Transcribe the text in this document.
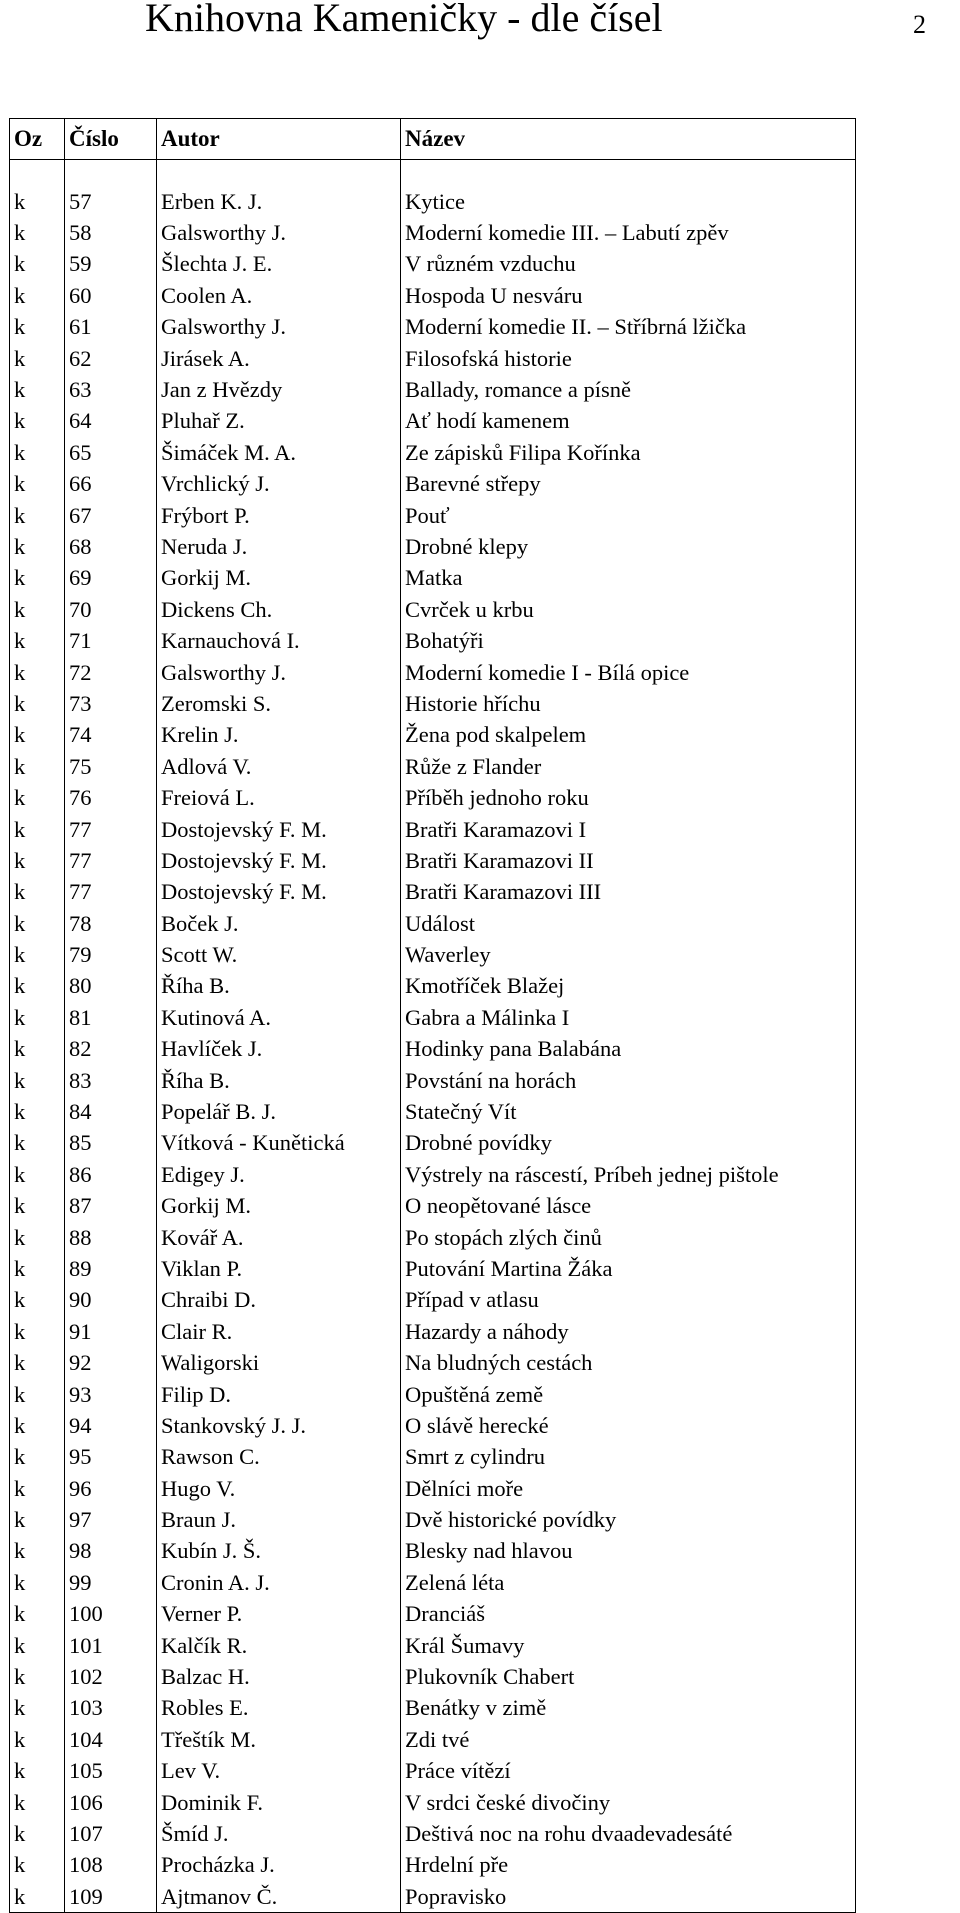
Knihovna Kameničky - dle čísel	2
Oz	Číslo	Autor	Název

k	57	Erben K. J.	Kytice
k	58	Galsworthy J.	Moderní komedie III. – Labutí zpěv
k	59	Šlechta J. E.	V různém vzduchu
k	60	Coolen A.	Hospoda U nesváru
k	61	Galsworthy J.	Moderní komedie II. – Stříbrná lžička
k	62	Jirásek A.	Filosofská historie
k	63	Jan z Hvězdy	Ballady, romance a písně
k	64	Pluhař Z.	Ať hodí kamenem
k	65	Šimáček M. A.	Ze zápisků Filipa Kořínka
k	66	Vrchlický J.	Barevné střepy
k	67	Frýbort P.	Pouť
k	68	Neruda J.	Drobné klepy
k	69	Gorkij M.	Matka
k	70	Dickens Ch.	Cvrček u krbu
k	71	Karnauchová I.	Bohatýři
k	72	Galsworthy J.	Moderní komedie I - Bílá opice
k	73	Zeromski S.	Historie hříchu
k	74	Krelin J.	Žena pod skalpelem
k	75	Adlová V.	Růže z Flander
k	76	Freiová L.	Příběh jednoho roku
k	77	Dostojevský F. M.	Bratři Karamazovi I
k	77	Dostojevský F. M.	Bratři Karamazovi II
k	77	Dostojevský F. M.	Bratři Karamazovi III
k	78	Boček J.	Událost
k	79	Scott W.	Waverley
k	80	Říha B.	Kmotříček Blažej
k	81	Kutinová A.	Gabra a Málinka I
k	82	Havlíček J.	Hodinky pana Balabána
k	83	Říha B.	Povstání na horách
k	84	Popelář B. J.	Statečný Vít
k	85	Vítková - Kunětická	Drobné povídky
k	86	Edigey J.	Výstrely na ráscestí, Príbeh jednej pištole
k	87	Gorkij M.	O neopětované lásce
k	88	Kovář A.	Po stopách zlých činů
k	89	Viklan P.	Putování Martina Žáka
k	90	Chraibi D.	Případ v atlasu
k	91	Clair R.	Hazardy a náhody
k	92	Waligorski	Na bludných cestách
k	93	Filip D.	Opuštěná země
k	94	Stankovský J. J.	O slávě herecké
k	95	Rawson C.	Smrt z cylindru
k	96	Hugo V.	Dělníci moře
k	97	Braun J.	Dvě historické povídky
k	98	Kubín J. Š.	Blesky nad hlavou
k	99	Cronin A. J.	Zelená léta
k	100	Verner P.	Dranciáš
k	101	Kalčík R.	Král Šumavy
k	102	Balzac H.	Plukovník Chabert
k	103	Robles E.	Benátky v zimě
k	104	Třeštík M.	Zdi tvé
k	105	Lev V.	Práce vítězí
k	106	Dominik F.	V srdci české divočiny
k	107	Šmíd J.	Deštivá noc na rohu dvaadevadesáté
k	108	Procházka J.	Hrdelní pře
k	109	Ajtmanov Č.	Popravisko
